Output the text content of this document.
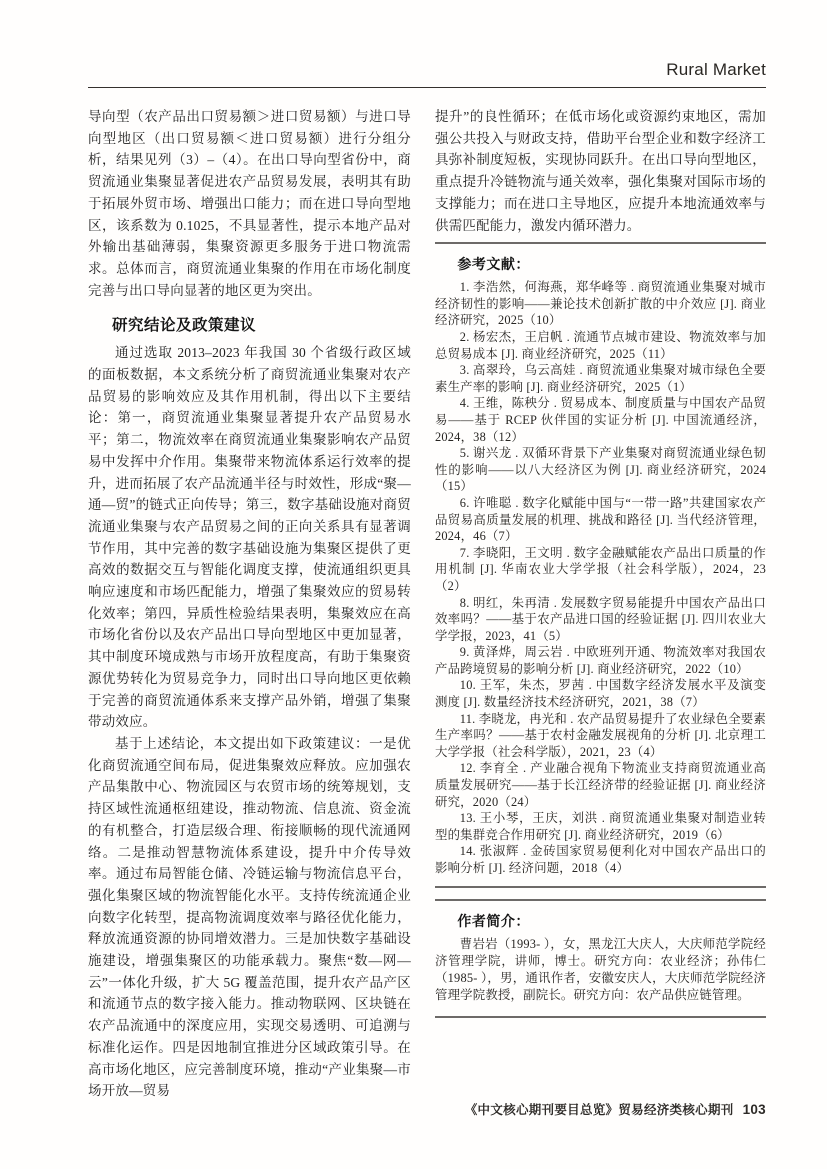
Rural Market

导向型（农产品出口贸易额＞进口贸易额）与进口导向型地区（出口贸易额＜进口贸易额）进行分组分析，结果见列（3）–（4）。在出口导向型省份中，商贸流通业集聚显著促进农产品贸易发展，表明其有助于拓展外贸市场、增强出口能力；而在进口导向型地区，该系数为 0.1025，不具显著性，提示本地产品对外输出基础薄弱，集聚资源更多服务于进口物流需求。总体而言，商贸流通业集聚的作用在市场化制度完善与出口导向显著的地区更为突出。

研究结论及政策建议

通过选取 2013–2023 年我国 30 个省级行政区域的面板数据，本文系统分析了商贸流通业集聚对农产品贸易的影响效应及其作用机制，得出以下主要结论：第一，商贸流通业集聚显著提升农产品贸易水平；第二，物流效率在商贸流通业集聚影响农产品贸易中发挥中介作用。集聚带来物流体系运行效率的提升，进而拓展了农产品流通半径与时效性，形成“聚—通—贸”的链式正向传导；第三，数字基础设施对商贸流通业集聚与农产品贸易之间的正向关系具有显著调节作用，其中完善的数字基础设施为集聚区提供了更高效的数据交互与智能化调度支撑，使流通组织更具响应速度和市场匹配能力，增强了集聚效应的贸易转化效率；第四，异质性检验结果表明，集聚效应在高市场化省份以及农产品出口导向型地区中更加显著，其中制度环境成熟与市场开放程度高，有助于集聚资源优势转化为贸易竞争力，同时出口导向地区更依赖于完善的商贸流通体系来支撑产品外销，增强了集聚带动效应。

基于上述结论，本文提出如下政策建议：一是优化商贸流通空间布局，促进集聚效应释放。应加强农产品集散中心、物流园区与农贸市场的统筹规划，支持区域性流通枢纽建设，推动物流、信息流、资金流的有机整合，打造层级合理、衔接顺畅的现代流通网络。二是推动智慧物流体系建设，提升中介传导效率。通过布局智能仓储、冷链运输与物流信息平台，强化集聚区域的物流智能化水平。支持传统流通企业向数字化转型，提高物流调度效率与路径优化能力，释放流通资源的协同增效潜力。三是加快数字基础设施建设，增强集聚区的功能承载力。聚焦“数—网—云”一体化升级，扩大 5G 覆盖范围，提升农产品产区和流通节点的数字接入能力。推动物联网、区块链在农产品流通中的深度应用，实现交易透明、可追溯与标准化运作。四是因地制宜推进分区域政策引导。在高市场化地区，应完善制度环境，推动“产业集聚—市场开放—贸易

提升”的良性循环；在低市场化或资源约束地区，需加强公共投入与财政支持，借助平台型企业和数字经济工具弥补制度短板，实现协同跃升。在出口导向型地区，重点提升冷链物流与通关效率，强化集聚对国际市场的支撑能力；而在进口主导地区，应提升本地流通效率与供需匹配能力，激发内循环潜力。

参考文献：

1. 李浩然，何海燕，郑华峰等 . 商贸流通业集聚对城市经济韧性的影响——兼论技术创新扩散的中介效应 [J]. 商业经济研究，2025（10）

2. 杨宏杰，王启帆 . 流通节点城市建设、物流效率与加总贸易成本 [J]. 商业经济研究，2025（11）

3. 高翠玲，乌云高娃 . 商贸流通业集聚对城市绿色全要素生产率的影响 [J]. 商业经济研究，2025（1）

4. 王维，陈秧分 . 贸易成本、制度质量与中国农产品贸易——基于 RCEP 伙伴国的实证分析 [J]. 中国流通经济，2024，38（12）

5. 谢兴龙 . 双循环背景下产业集聚对商贸流通业绿色韧性的影响——以八大经济区为例 [J]. 商业经济研究，2024（15）

6. 许唯聪 . 数字化赋能中国与“一带一路”共建国家农产品贸易高质量发展的机理、挑战和路径 [J]. 当代经济管理，2024，46（7）

7. 李晓阳，王文明 . 数字金融赋能农产品出口质量的作用机制 [J]. 华南农业大学学报（社会科学版），2024，23（2）

8. 明红，朱再清 . 发展数字贸易能提升中国农产品出口效率吗？——基于农产品进口国的经验证据 [J]. 四川农业大学学报，2023，41（5）

9. 黄泽烨，周云岩 . 中欧班列开通、物流效率对我国农产品跨境贸易的影响分析 [J]. 商业经济研究，2022（10）

10. 王军，朱杰，罗茜 . 中国数字经济发展水平及演变测度 [J]. 数量经济技术经济研究，2021，38（7）

11. 李晓龙，冉光和 . 农产品贸易提升了农业绿色全要素生产率吗？——基于农村金融发展视角的分析 [J]. 北京理工大学学报（社会科学版），2021，23（4）

12. 李育全 . 产业融合视角下物流业支持商贸流通业高质量发展研究——基于长江经济带的经验证据 [J]. 商业经济研究，2020（24）

13. 王小琴，王庆，刘洪 . 商贸流通业集聚对制造业转型的集群竞合作用研究 [J]. 商业经济研究，2019（6）

14. 张淑辉 . 金砖国家贸易便利化对中国农产品出口的影响分析 [J]. 经济问题，2018（4）

作者简介：

曹岩岩（1993- ），女，黑龙江大庆人，大庆师范学院经济管理学院，讲师，博士。研究方向：农业经济；孙伟仁（1985- ），男，通讯作者，安徽安庆人，大庆师范学院经济管理学院教授，副院长。研究方向：农产品供应链管理。

《中文核心期刊要目总览》贸易经济类核心期刊 103
